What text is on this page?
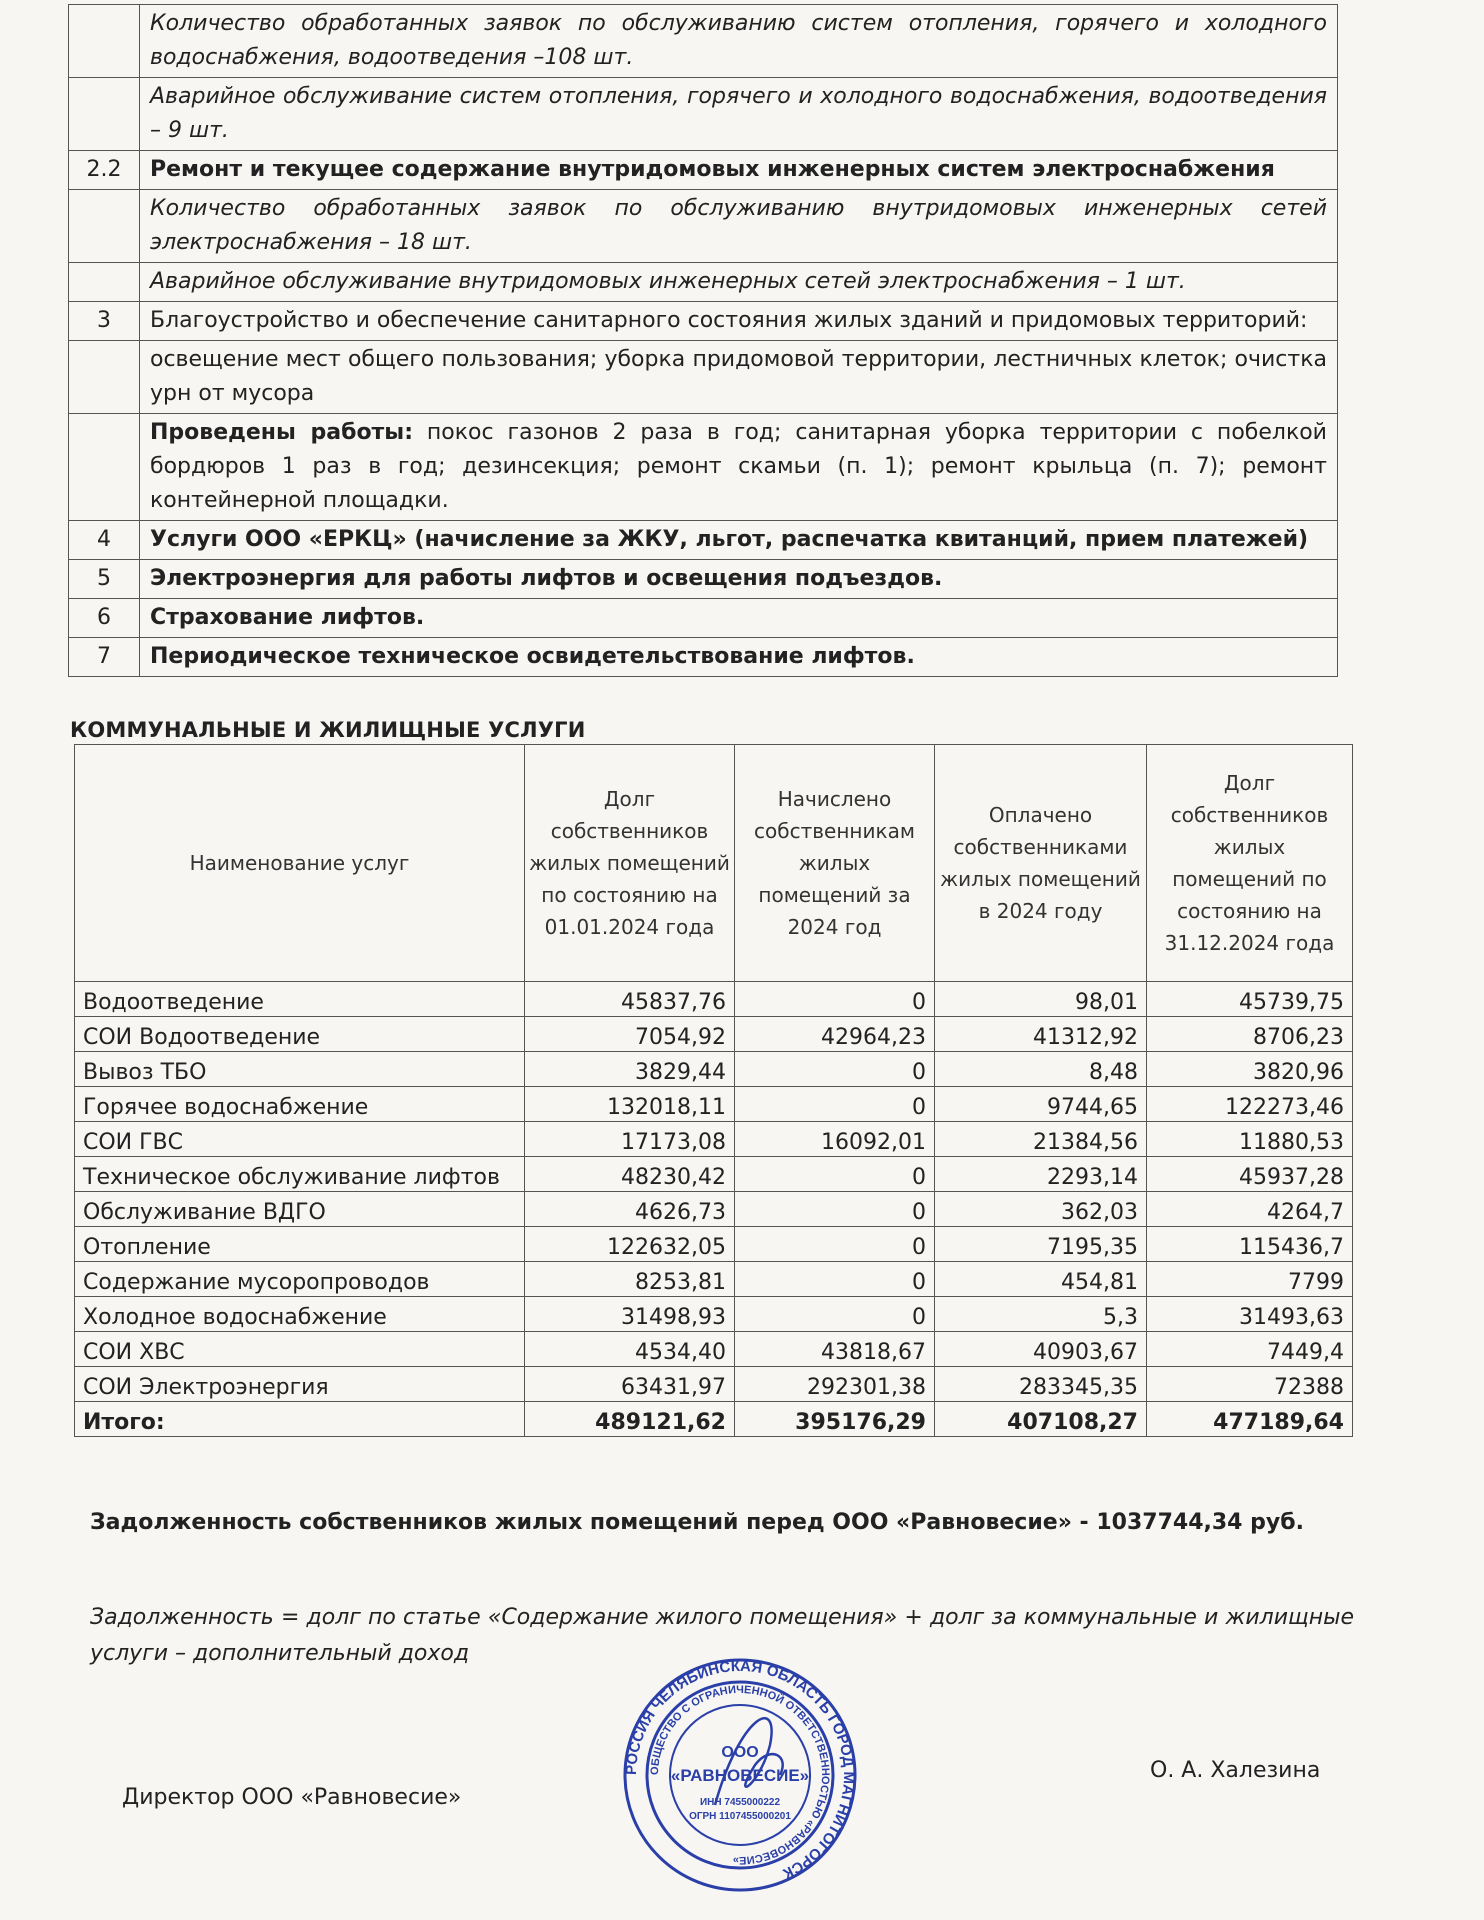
	Количество обработанных заявок по обслуживанию систем отопления, горячего и холодного водоснабжения, водоотведения –108 шт.
	Аварийное обслуживание систем отопления, горячего и холодного водоснабжения, водоотведения – 9 шт.
2.2	Ремонт и текущее содержание внутридомовых инженерных систем электроснабжения
	Количество обработанных заявок по обслуживанию внутридомовых инженерных сетей электроснабжения – 18 шт.
	Аварийное обслуживание внутридомовых инженерных сетей электроснабжения – 1 шт.
3	Благоустройство и обеспечение санитарного состояния жилых зданий и придомовых территорий:
	освещение мест общего пользования; уборка придомовой территории, лестничных клеток; очистка урн от мусора
	Проведены работы: покос газонов 2 раза в год; санитарная уборка территории с побелкой бордюров 1 раз в год; дезинсекция; ремонт скамьи (п. 1); ремонт крыльца (п. 7); ремонт контейнерной площадки.
4	Услуги ООО «ЕРКЦ» (начисление за ЖКУ, льгот, распечатка квитанций, прием платежей)
5	Электроэнергия для работы лифтов и освещения подъездов.
6	Страхование лифтов.
7	Периодическое техническое освидетельствование лифтов.
КОММУНАЛЬНЫЕ И ЖИЛИЩНЫЕ УСЛУГИ
Наименование услуг	Долг собственников жилых помещений по состоянию на 01.01.2024 года	Начислено собственникам жилых помещений за 2024 год	Оплачено собственниками жилых помещений в 2024 году	Долг собственников жилых помещений по состоянию на 31.12.2024 года
Водоотведение	45837,76	0	98,01	45739,75
СОИ Водоотведение	7054,92	42964,23	41312,92	8706,23
Вывоз ТБО	3829,44	0	8,48	3820,96
Горячее водоснабжение	132018,11	0	9744,65	122273,46
СОИ ГВС	17173,08	16092,01	21384,56	11880,53
Техническое обслуживание лифтов	48230,42	0	2293,14	45937,28
Обслуживание ВДГО	4626,73	0	362,03	4264,7
Отопление	122632,05	0	7195,35	115436,7
Содержание мусоропроводов	8253,81	0	454,81	7799
Холодное водоснабжение	31498,93	0	5,3	31493,63
СОИ ХВС	4534,40	43818,67	40903,67	7449,4
СОИ Электроэнергия	63431,97	292301,38	283345,35	72388
Итого:	489121,62	395176,29	407108,27	477189,64
Задолженность собственников жилых помещений перед ООО «Равновесие» - 1037744,34 руб.
Задолженность = долг по статье «Содержание жилого помещения» + долг за коммунальные и жилищные услуги – дополнительный доход
Директор ООО «Равновесие»
О. А. Халезина
РОССИЯ ЧЕЛЯБИНСКАЯ ОБЛАСТЬ ГОРОД МАГНИТОГОРСК
ОБЩЕСТВО С ОГРАНИЧЕННОЙ ОТВЕТСТВЕННОСТЬЮ «РАВНОВЕСИЕ»
ООО
«РАВНОВЕСИЕ»
ИНН 7455000222
ОГРН 1107455000201
